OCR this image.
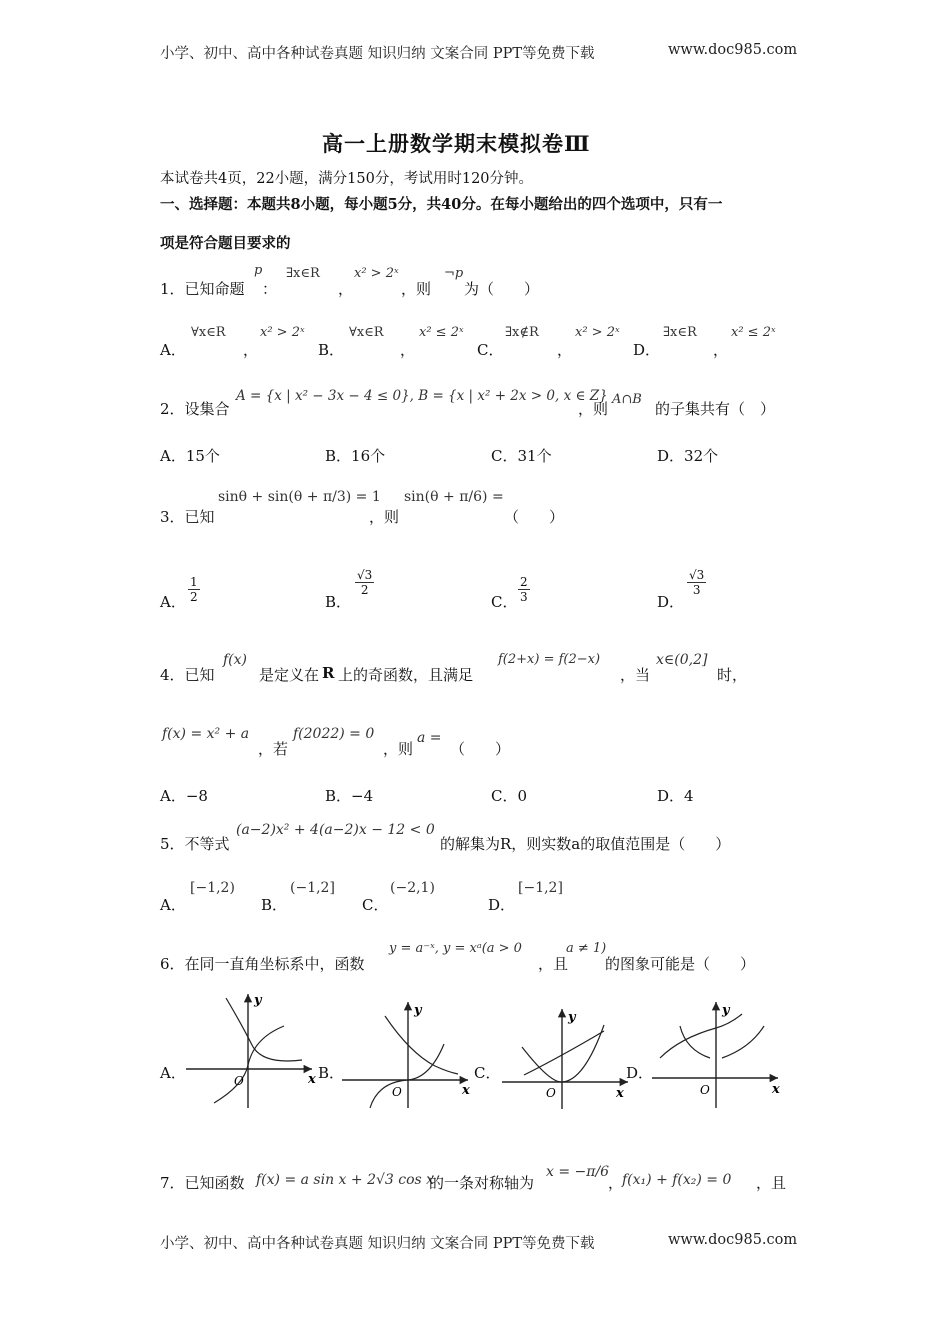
小学、初中、高中各种试卷真题 知识归纳 文案合同 PPT等免费下载	www.doc985.com
高一上册数学期末模拟卷Ⅲ
本试卷共4页，22小题，满分150分，考试用时120分钟。
一、选择题：本题共8小题，每小题5分，共40分。在每小题给出的四个选项中，只有一
项是符合题目要求的
1．已知命题
p
：
∃x∈R
，
x² > 2ˣ
，则
¬p
为（　　）
A．
∀x∈R
，
x² > 2ˣ
B．
∀x∈R
，
x² ≤ 2ˣ
C．
∃x∉R
，
x² > 2ˣ
D．
∃x∈R
，
x² ≤ 2ˣ
2．设集合
A = {x | x² − 3x − 4 ≤ 0}, B = {x | x² + 2x > 0, x ∈ Z}
，则
A∩B
的子集共有（　）
A．15个	B．16个	C．31个	D．32个
3．已知
sinθ + sin(θ + π/3) = 1
，则
sin(θ + π/6) =
（　　）
A． $\frac{1}{2}$	B．
$\frac{√3}{2}$
C． $\frac{2}{3}$	D．
$\frac{√3}{3}$
4．已知
f(x)
是定义在 R 上的奇函数，且满足
f(2+x) = f(2−x)
，当
x∈(0,2]
时，
f(x) = x² + a
，若
f(2022) = 0
，则
a =
（　　）
A．−8	B．−4	C．0	D．4
5．不等式
(a−2)x² + 4(a−2)x − 12 < 0
的解集为R，则实数a的取值范围是（　　）
A．
[−1,2)
B．
(−1,2]
C．
(−2,1)
D．
[−1,2]
6．在同一直角坐标系中，函数
y = a⁻ˣ, y = xᵃ(a > 0
，且
a ≠ 1)
的图象可能是（　　）
A．	B．	C．	D．
y
x
O
y
x
O
y
x
O
y
x
O
7．已知函数 f(x) = a sin x + 2√3 cos x
的一条对称轴为
x = −π/6
，
f(x₁) + f(x₂) = 0 ，且
小学、初中、高中各种试卷真题 知识归纳 文案合同 PPT等免费下载	www.doc985.com
